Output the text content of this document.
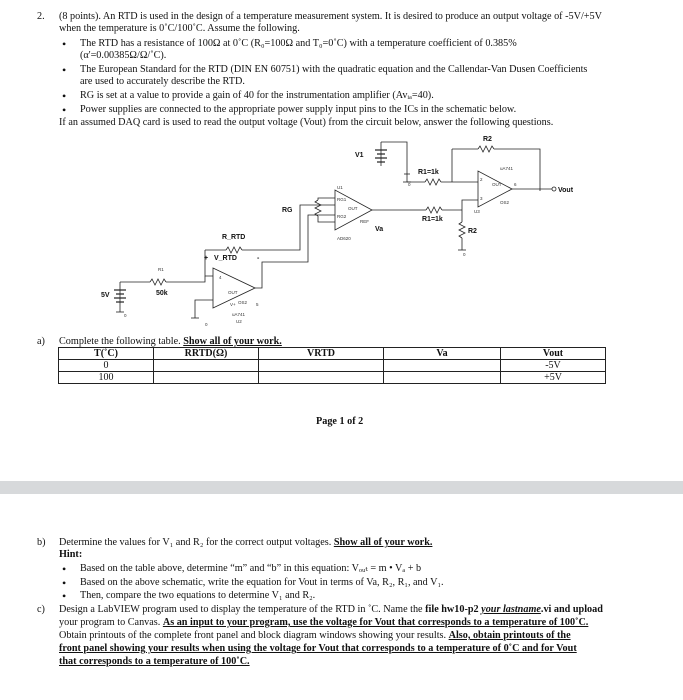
2. (8 points). An RTD is used in the design of a temperature measurement system. It is desired to produce an output voltage of -5V/+5V
when the temperature is 0˚C/100˚C. Assume the following.
• The RTD has a resistance of 100Ω at 0˚C (R₀=100Ω and T₀=0˚C) with a temperature coefficient of 0.385%
(α'=0.00385Ω/Ω/˚C).
• The European Standard for the RTD (DIN EN 60751) with the quadratic equation and the Callendar-Van Dusen Coefficients
are used to accurately describe the RTD.
• RG is set at a value to provide a gain of 40 for the instrumentation amplifier (Avᵢₐ=40).
• Power supplies are connected to the appropriate power supply input pins to the ICs in the schematic below.
If an assumed DAQ card is used to read the output voltage (Vout) from the circuit below, answer the following questions.
V1
0
R2
R1=1k
uA741
U3
2
3
OUT
OS2
6
Vout
R1=1k
R2
0
U1
RG1
RG2
OUT
REF
AD620
Va
RG
R_RTD
+ V_RTD	-
4
OUT
V+ OS2 5
uA741
U2
0
R1
50k
5V
0
a) Complete the following table. Show all of your work.
T(˚C)	RRTD(Ω)	VRTD	Va	Vout
0				-5V
100				+5V
Page 1 of 2
b) Determine the values for V₁ and R₂ for the correct output voltages. Show all of your work.
Hint:
• Based on the table above, determine “m” and “b” in this equation: Vₒᵤₜ = m • Vₐ + b
• Based on the above schematic, write the equation for Vout in terms of Va, R₂, R₁, and V₁.
• Then, compare the two equations to determine V₁ and R₂.
c) Design a LabVIEW program used to display the temperature of the RTD in ˚C. Name the file hw10-p2 your lastname.vi and upload
your program to Canvas. As an input to your program, use the voltage for Vout that corresponds to a temperature of 100˚C.
Obtain printouts of the complete front panel and block diagram windows showing your results. Also, obtain printouts of the
front panel showing your results when using the voltage for Vout that corresponds to a temperature of 0˚C and for Vout
that corresponds to a temperature of 100˚C.
